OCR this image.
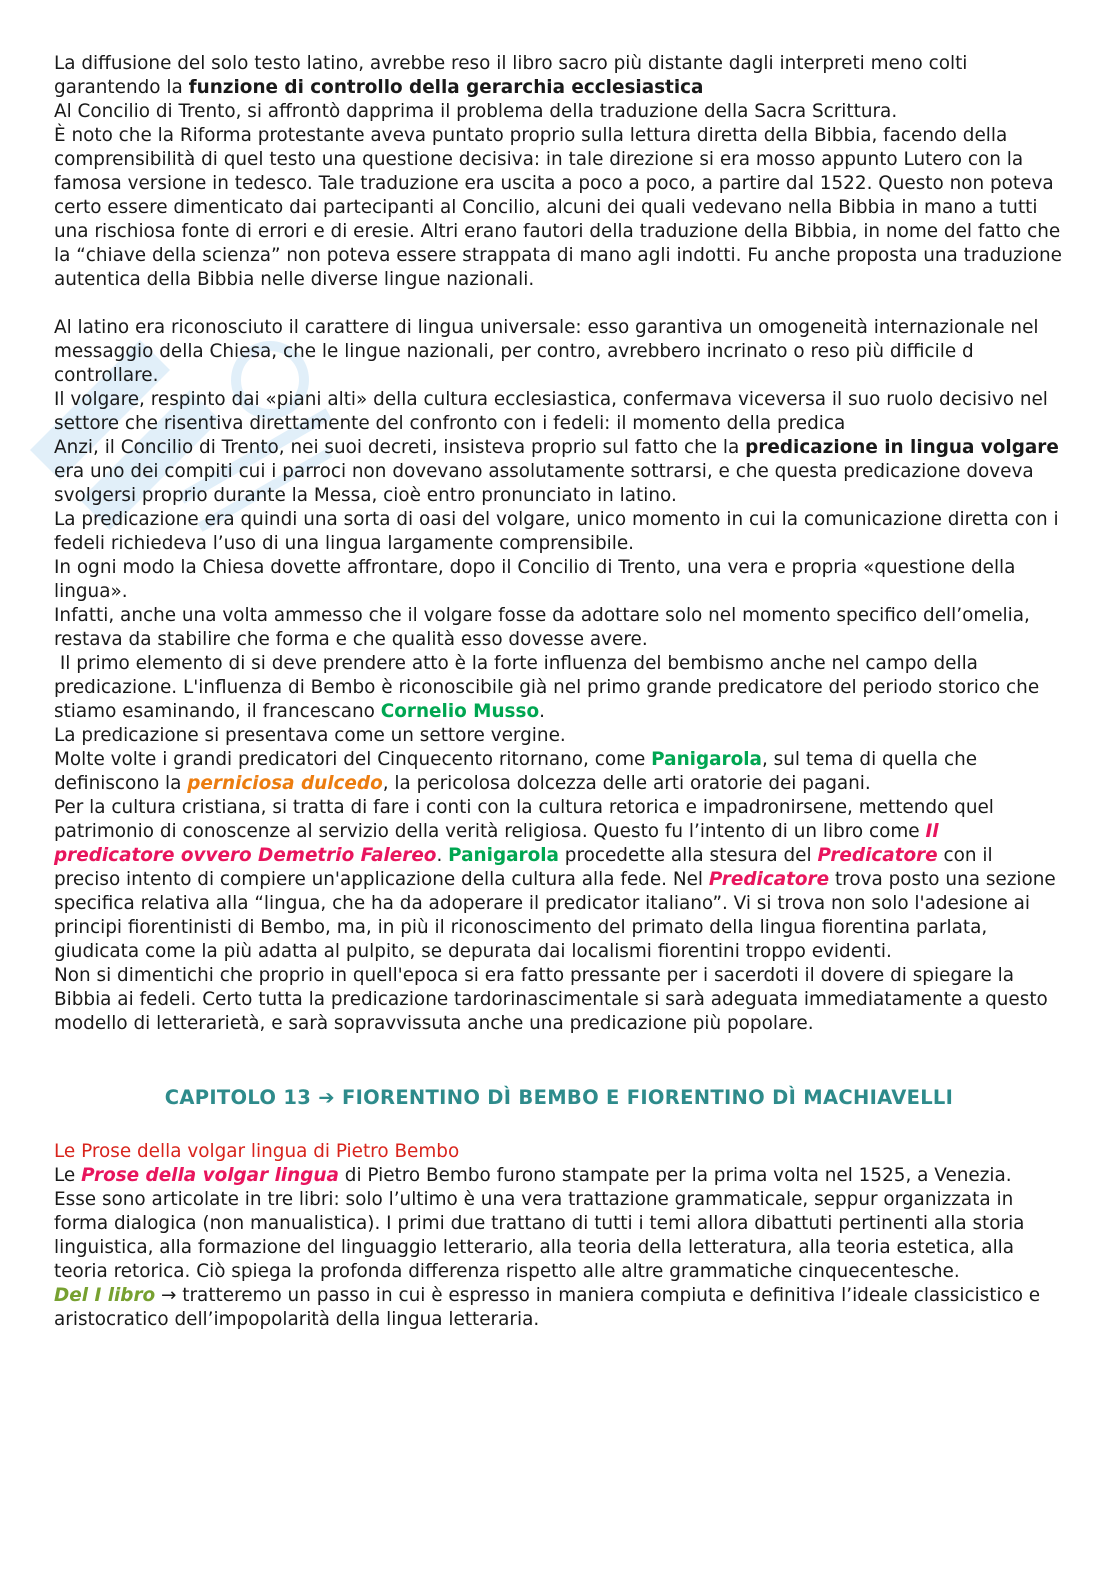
La diffusione del solo testo latino, avrebbe reso il libro sacro più distante dagli interpreti meno colti garantendo la funzione di controllo della gerarchia ecclesiastica

Al Concilio di Trento, si affrontò dapprima il problema della traduzione della Sacra Scrittura.

È noto che la Riforma protestante aveva puntato proprio sulla lettura diretta della Bibbia, facendo della comprensibilità di quel testo una questione decisiva: in tale direzione si era mosso appunto Lutero con la famosa versione in tedesco. Tale traduzione era uscita a poco a poco, a partire dal 1522. Questo non poteva certo essere dimenticato dai partecipanti al Concilio, alcuni dei quali vedevano nella Bibbia in mano a tutti una rischiosa fonte di errori e di eresie. Altri erano fautori della traduzione della Bibbia, in nome del fatto che la “chiave della scienza” non poteva essere strappata di mano agli indotti. Fu anche proposta una traduzione autentica della Bibbia nelle diverse lingue nazionali.

Al latino era riconosciuto il carattere di lingua universale: esso garantiva un omogeneità internazionale nel messaggio della Chiesa, che le lingue nazionali, per contro, avrebbero incrinato o reso più difficile d controllare.

Il volgare, respinto dai «piani alti» della cultura ecclesiastica, confermava viceversa il suo ruolo decisivo nel settore che risentiva direttamente del confronto con i fedeli: il momento della predica

Anzi, il Concilio di Trento, nei suoi decreti, insisteva proprio sul fatto che la predicazione in lingua volgare era uno dei compiti cui i parroci non dovevano assolutamente sottrarsi, e che questa predicazione doveva svolgersi proprio durante la Messa, cioè entro pronunciato in latino.

La predicazione era quindi una sorta di oasi del volgare, unico momento in cui la comunicazione diretta con i fedeli richiedeva l’uso di una lingua largamente comprensibile.

In ogni modo la Chiesa dovette affrontare, dopo il Concilio di Trento, una vera e propria «questione della lingua».

Infatti, anche una volta ammesso che il volgare fosse da adottare solo nel momento specifico dell’omelia, restava da stabilire che forma e che qualità esso dovesse avere.

Il primo elemento di si deve prendere atto è la forte influenza del bembismo anche nel campo della predicazione. L'influenza di Bembo è riconoscibile già nel primo grande predicatore del periodo storico che stiamo esaminando, il francescano Cornelio Musso.

La predicazione si presentava come un settore vergine.

Molte volte i grandi predicatori del Cinquecento ritornano, come Panigarola, sul tema di quella che definiscono la perniciosa dulcedo, la pericolosa dolcezza delle arti oratorie dei pagani.

Per la cultura cristiana, si tratta di fare i conti con la cultura retorica e impadronirsene, mettendo quel patrimonio di conoscenze al servizio della verità religiosa. Questo fu l’intento di un libro come Il predicatore ovvero Demetrio Falereo. Panigarola procedette alla stesura del Predicatore con il preciso intento di compiere un'applicazione della cultura alla fede. Nel Predicatore trova posto una sezione specifica relativa alla “lingua, che ha da adoperare il predicator italiano”. Vi si trova non solo l'adesione ai principi fiorentinisti di Bembo, ma, in più il riconoscimento del primato della lingua fiorentina parlata, giudicata come la più adatta al pulpito, se depurata dai localismi fiorentini troppo evidenti.

Non si dimentichi che proprio in quell'epoca si era fatto pressante per i sacerdoti il dovere di spiegare la Bibbia ai fedeli. Certo tutta la predicazione tardorinascimentale si sarà adeguata immediatamente a questo modello di letterarietà, e sarà sopravvissuta anche una predicazione più popolare.

CAPITOLO 13 ➔ FIORENTINO DÌ BEMBO E FIORENTINO DÌ MACHIAVELLI

Le Prose della volgar lingua di Pietro Bembo

Le Prose della volgar lingua di Pietro Bembo furono stampate per la prima volta nel 1525, a Venezia.

Esse sono articolate in tre libri: solo l’ultimo è una vera trattazione grammaticale, seppur organizzata in forma dialogica (non manualistica). I primi due trattano di tutti i temi allora dibattuti pertinenti alla storia linguistica, alla formazione del linguaggio letterario, alla teoria della letteratura, alla teoria estetica, alla teoria retorica. Ciò spiega la profonda differenza rispetto alle altre grammatiche cinquecentesche.

Del I libro → tratteremo un passo in cui è espresso in maniera compiuta e definitiva l’ideale classicistico e aristocratico dell’impopolarità della lingua letteraria.
